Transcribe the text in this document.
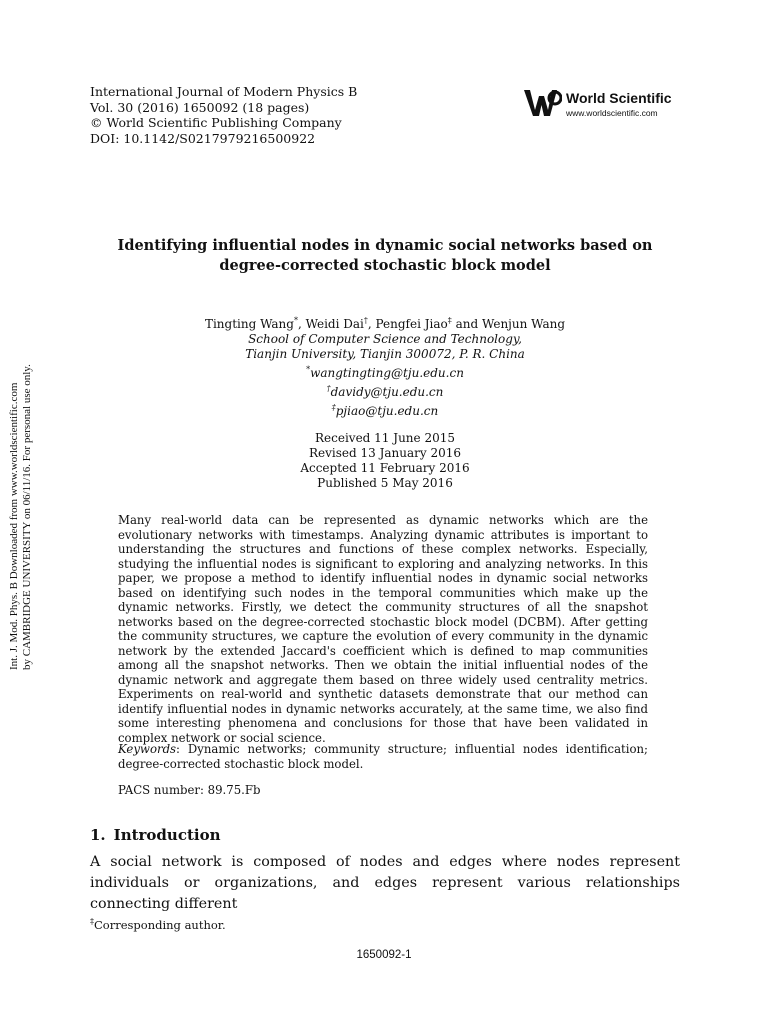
International Journal of Modern Physics B
Vol. 30 (2016) 1650092 (18 pages)
© World Scientific Publishing Company
DOI: 10.1142/S0217979216500922
World Scientific
www.worldscientific.com
Int. J. Mod. Phys. B Downloaded from www.worldscientific.com by CAMBRIDGE UNIVERSITY on 06/11/16. For personal use only.
Identifying influential nodes in dynamic social networks based on
degree-corrected stochastic block model
Tingting Wang*, Weidi Dai†, Pengfei Jiao‡ and Wenjun Wang
School of Computer Science and Technology,
Tianjin University, Tianjin 300072, P. R. China
*wangtingting@tju.edu.cn
†davidy@tju.edu.cn
‡pjiao@tju.edu.cn
Received 11 June 2015
Revised 13 January 2016
Accepted 11 February 2016
Published 5 May 2016
Many real-world data can be represented as dynamic networks which are the evolutionary networks with timestamps. Analyzing dynamic attributes is important to understanding the structures and functions of these complex networks. Especially, studying the influential nodes is significant to exploring and analyzing networks. In this paper, we propose a method to identify influential nodes in dynamic social networks based on identifying such nodes in the temporal communities which make up the dynamic networks. Firstly, we detect the community structures of all the snapshot networks based on the degree-corrected stochastic block model (DCBM). After getting the community structures, we capture the evolution of every community in the dynamic network by the extended Jaccard's coefficient which is defined to map communities among all the snapshot networks. Then we obtain the initial influential nodes of the dynamic network and aggregate them based on three widely used centrality metrics. Experiments on real-world and synthetic datasets demonstrate that our method can identify influential nodes in dynamic networks accurately, at the same time, we also find some interesting phenomena and conclusions for those that have been validated in complex network or social science.
Keywords: Dynamic networks; community structure; influential nodes identification; degree-corrected stochastic block model.
PACS number: 89.75.Fb
1. Introduction
A social network is composed of nodes and edges where nodes represent individuals or organizations, and edges represent various relationships connecting different
‡Corresponding author.
1650092-1
